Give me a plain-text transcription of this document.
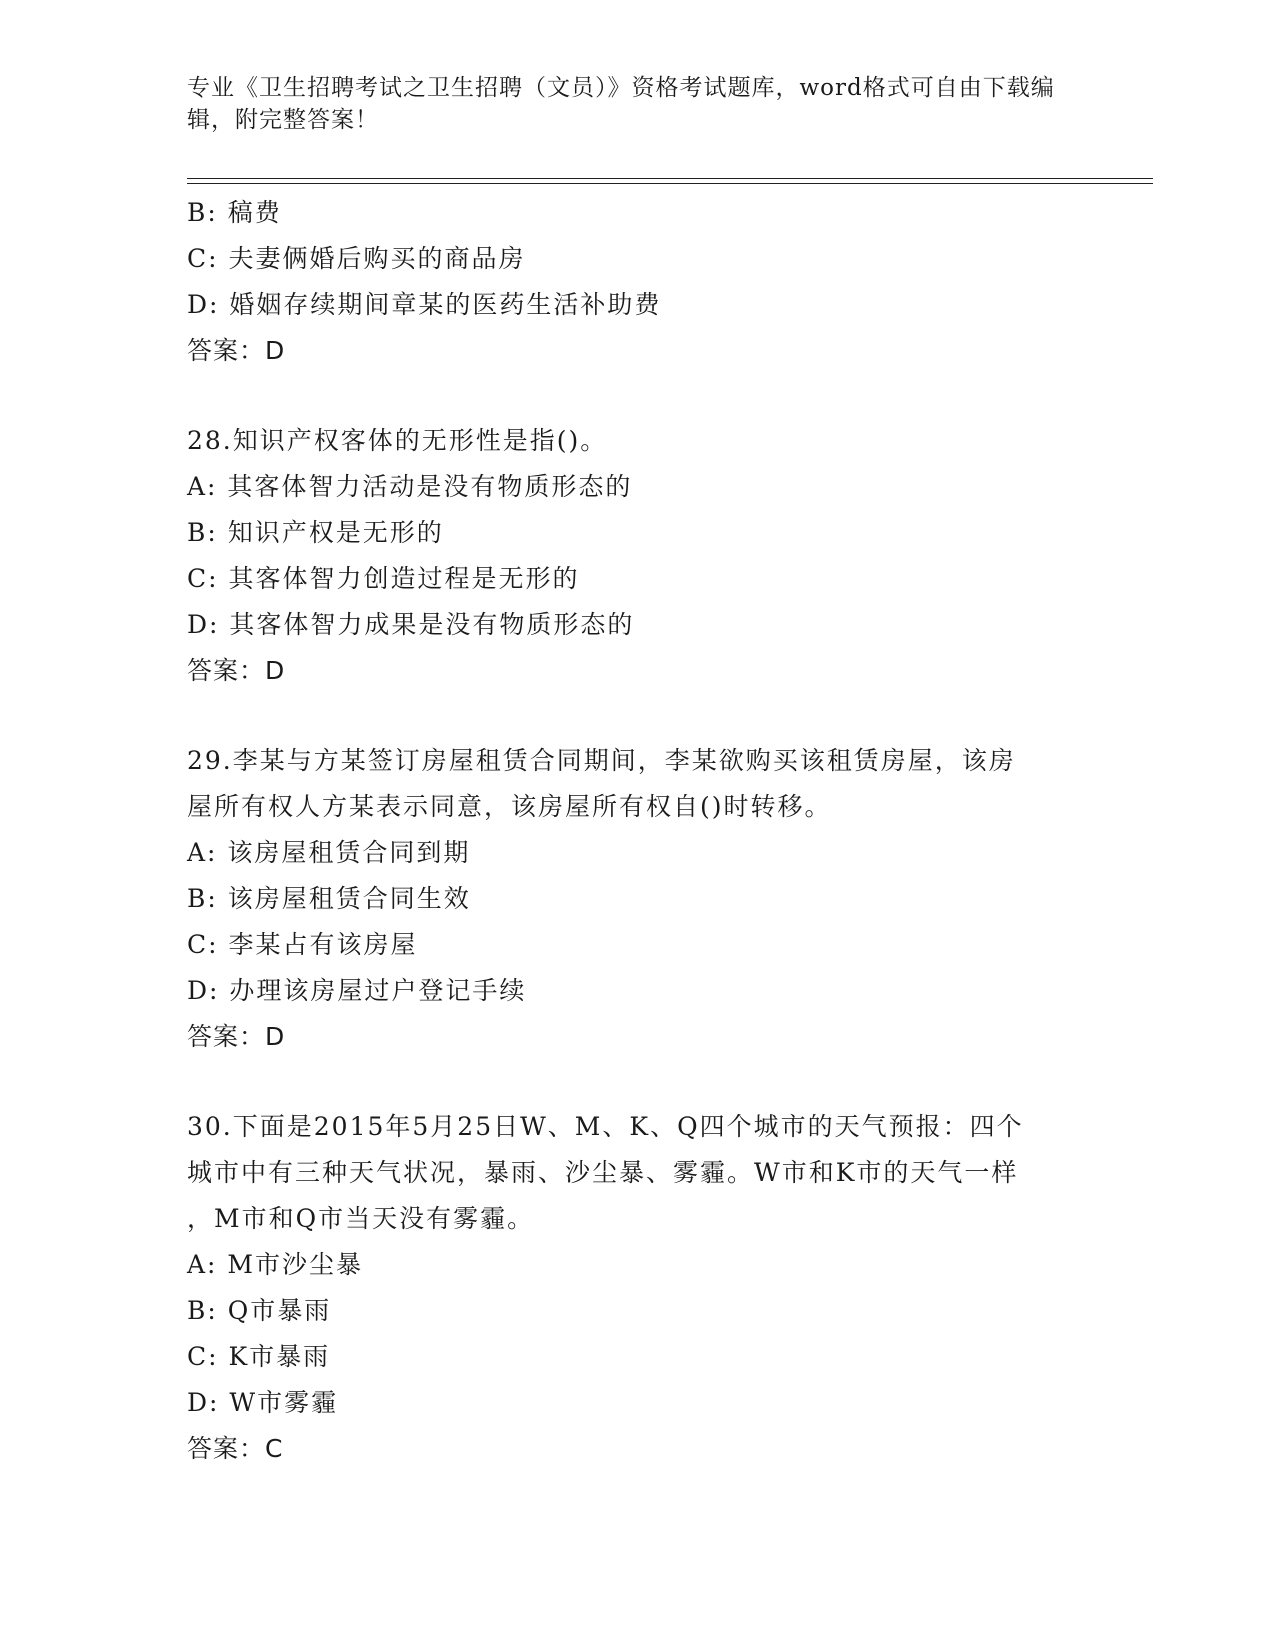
专业《卫生招聘考试之卫生招聘（文员）》资格考试题库，word格式可自由下载编辑，附完整答案！
B: 稿费
C: 夫妻俩婚后购买的商品房
D: 婚姻存续期间章某的医药生活补助费
答案：D
28.知识产权客体的无形性是指()。
A: 其客体智力活动是没有物质形态的
B: 知识产权是无形的
C: 其客体智力创造过程是无形的
D: 其客体智力成果是没有物质形态的
答案：D
29.李某与方某签订房屋租赁合同期间，李某欲购买该租赁房屋，该房
屋所有权人方某表示同意，该房屋所有权自()时转移。
A: 该房屋租赁合同到期
B: 该房屋租赁合同生效
C: 李某占有该房屋
D: 办理该房屋过户登记手续
答案：D
30.下面是2015年5月25日W、M、K、Q四个城市的天气预报：四个
城市中有三种天气状况，暴雨、沙尘暴、雾霾。W市和K市的天气一样
，M市和Q市当天没有雾霾。
A: M市沙尘暴
B: Q市暴雨
C: K市暴雨
D: W市雾霾
答案：C
